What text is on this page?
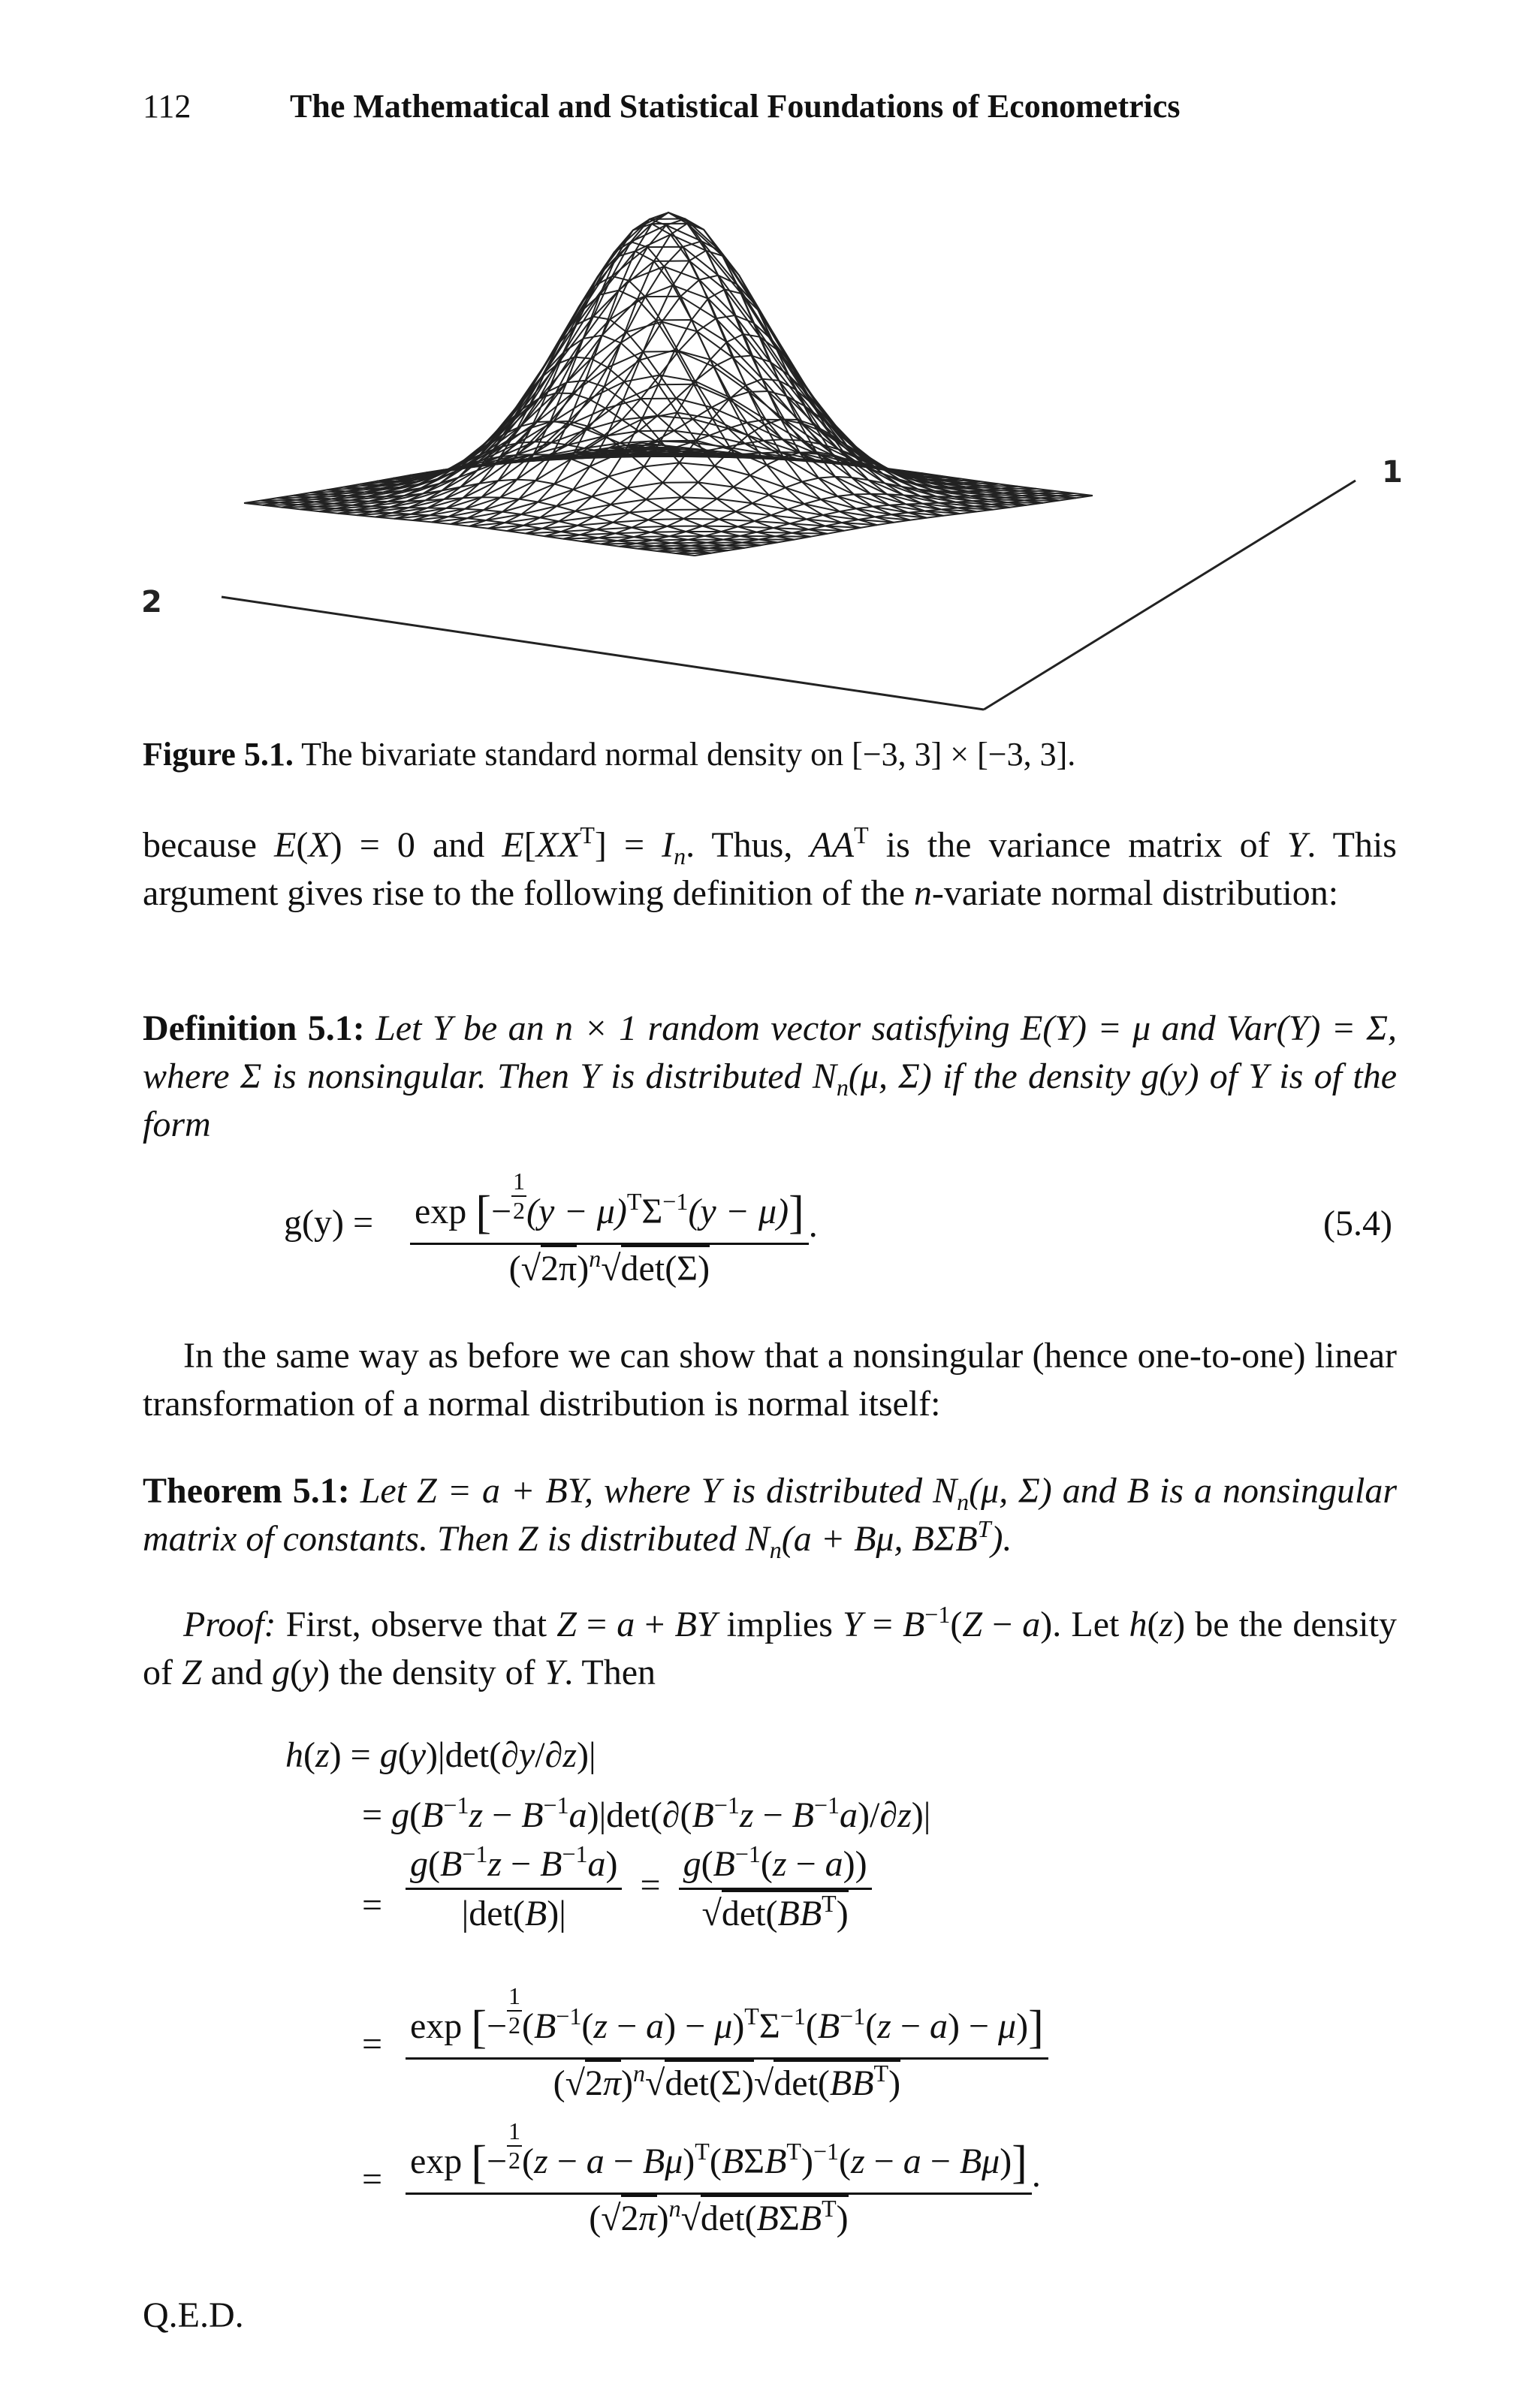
112	The Mathematical and Statistical Foundations of Econometrics
1
2
Figure 5.1. The bivariate standard normal density on [−3, 3] × [−3, 3].
because E(X) = 0 and $E[XX^T] = I_n$. Thus, $AA^T$ is the variance matrix of Y. This argument gives rise to the following definition of the n-variate normal distribution:
Definition 5.1: Let Y be an n × 1 random vector satisfying E(Y) = μ and Var(Y) = Σ, where Σ is nonsingular. Then Y is distributed $N_n(\mu$, Σ) if the density g(y) of Y is of the form
$g(y) = \frac{\exp [- \frac{1}{2} (y - \mu)^T\Sigma^{-1}(y - \mu)]}{(√2\pi)^n√\det(\Sigma)}$ .	(5.4)
In the same way as before we can show that a nonsingular (hence one-to-one) linear transformation of a normal distribution is normal itself:
Theorem 5.1: Let Z = a + BY, where Y is distributed $N_n(\mu$, Σ) and B is a nonsingular matrix of constants. Then Z is distributed $N_n(a + B\mu$, $B\Sigma B^T$).
Proof: First, observe that Z = a + BY implies $Y = B^{-1}(Z - a)$. Let h(z) be the density of Z and g(y) the density of Y. Then
h(z) = g(y)|det(∂y/∂z)|
= $g(B^{-1}z - B^{-1}a)|\det(\partial(B^{-1}z - B^{-1}a)/\partial z)|$
= $\frac{g(B^{-1}z - B^{-1}a)}{|\det(B)|} = \frac{g(B^{-1}(z - a))}{√\det(BB^T)}$
= $\frac{\exp [- \frac{1}{2} (B^{-1}(z - a) - \mu)^T\Sigma^{-1}(B^{-1}(z - a) - \mu)]}{(√2\pi)^n√\det(\Sigma)√\det(BB^T)}$
= $\frac{\exp [- \frac{1}{2} (z - a - B\mu)^T(B\Sigma B^T)^{-1}(z - a - B\mu)]}{(√2\pi)^n√\det(B\Sigma B^T)}$ .
Q.E.D.
